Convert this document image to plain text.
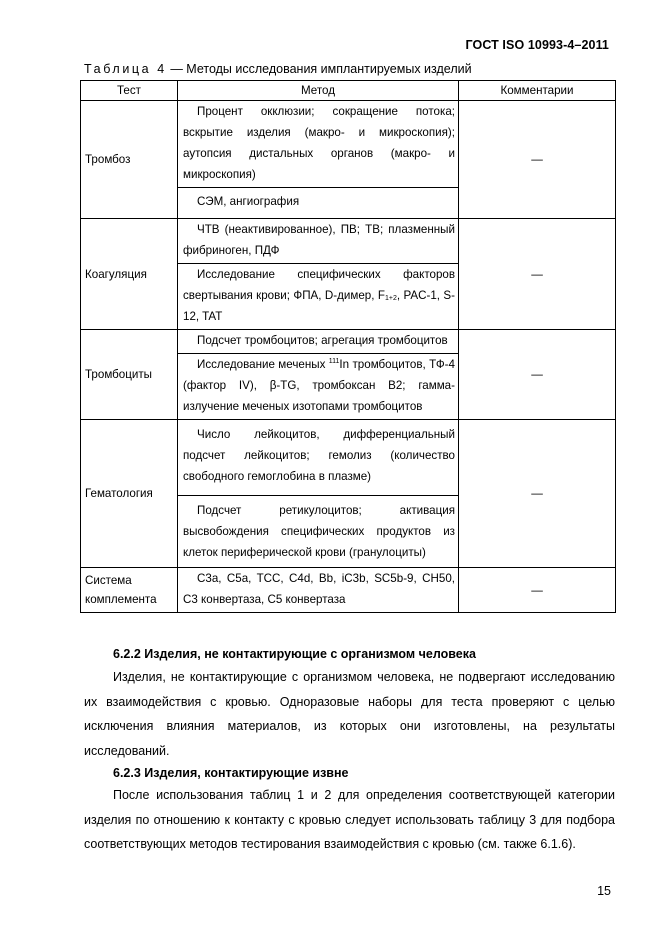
ГОСТ ISO 10993-4–2011
Таблица 4 — Методы исследования имплантируемых изделий
Тест	Метод	Комментарии
Тромбоз	Процент окклюзии; сокращение потока; вскрытие изделия (макро- и микроскопия); аутопсия дистальных органов (макро- и микроскопия)
СЭМ, ангиография	—
Коагуляция	ЧТВ (неактивированное), ПВ; ТВ; плазменный фибриноген, ПДФ
Исследование специфических факторов свертывания крови; ФПА, D-димер, $F_{1+2}$, PAC-1, S-12, TAT	—
Тромбоциты	Подсчет тромбоцитов; агрегация тромбоцитов
Исследование меченых $^{111}$In тромбоцитов, ТФ-4 (фактор IV), β-TG, тромбоксан В2; гамма-излучение меченых изотопами тромбоцитов	—
Гематология	Число лейкоцитов, дифференциальный подсчет лейкоцитов; гемолиз (количество свободного гемоглобина в плазме)
Подсчет ретикулоцитов; активация высвобождения специфических продуктов из клеток периферической крови (гранулоциты)	—
Система комплемента	C3a, C5a, TCC, C4d, Bb, iC3b, SC5b-9, CH50, C3 конвертаза, C5 конвертаза	—
6.2.2 Изделия, не контактирующие с организмом человека

Изделия, не контактирующие с организмом человека, не подвергают исследованию их взаимодействия с кровью. Одноразовые наборы для теста проверяют с целью исключения влияния материалов, из которых они изготовлены, на результаты исследований.

6.2.3 Изделия, контактирующие извне

После использования таблиц 1 и 2 для определения соответствующей категории изделия по отношению к контакту с кровью следует использовать таблицу 3 для подбора соответствующих методов тестирования взаимодействия с кровью (см. также 6.1.6).

15
